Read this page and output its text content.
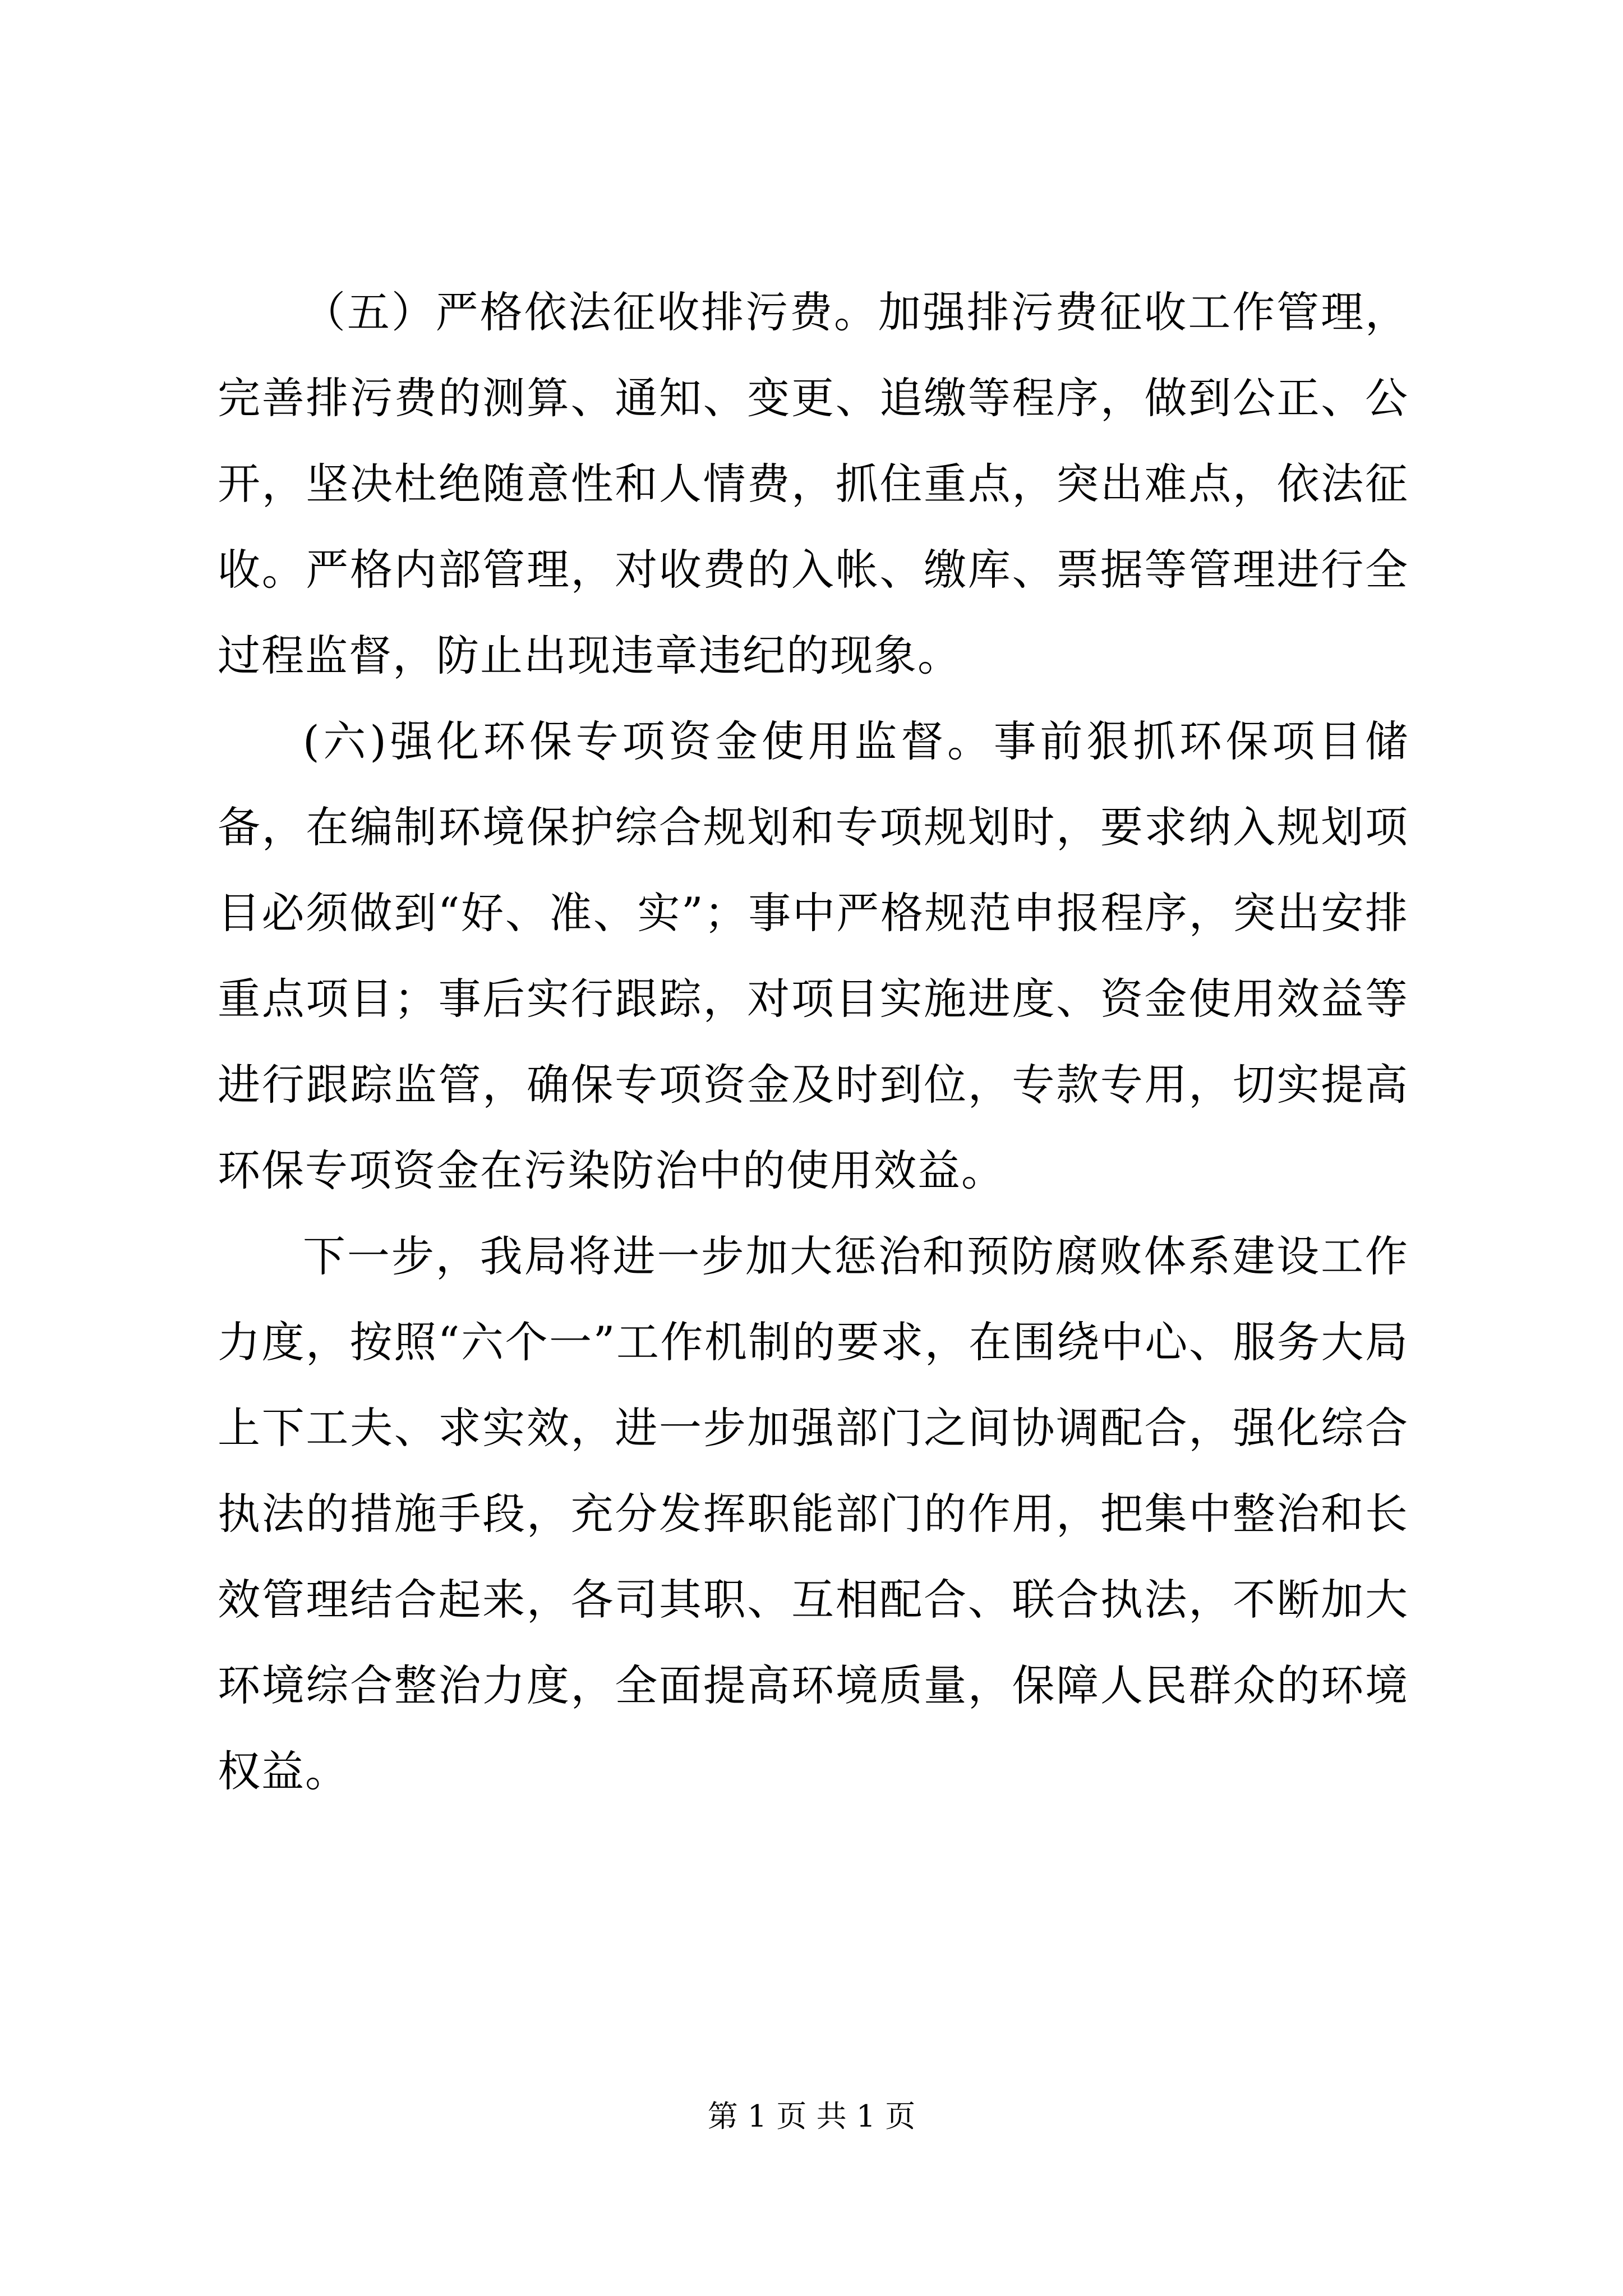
（五）严格依法征收排污费。加强排污费征收工作管理，完善排污费的测算、通知、变更、追缴等程序，做到公正、公开，坚决杜绝随意性和人情费，抓住重点，突出难点，依法征收。严格内部管理，对收费的入帐、缴库、票据等管理进行全过程监督，防止出现违章违纪的现象。

(六)强化环保专项资金使用监督。事前狠抓环保项目储备，在编制环境保护综合规划和专项规划时，要求纳入规划项目必须做到“好、准、实”；事中严格规范申报程序，突出安排重点项目；事后实行跟踪，对项目实施进度、资金使用效益等进行跟踪监管，确保专项资金及时到位，专款专用，切实提高环保专项资金在污染防治中的使用效益。

下一步，我局将进一步加大惩治和预防腐败体系建设工作力度，按照“六个一”工作机制的要求，在围绕中心、服务大局上下工夫、求实效，进一步加强部门之间协调配合，强化综合执法的措施手段，充分发挥职能部门的作用，把集中整治和长效管理结合起来，各司其职、互相配合、联合执法，不断加大环境综合整治力度，全面提高环境质量，保障人民群众的环境权益。

第 1 页 共 1 页
